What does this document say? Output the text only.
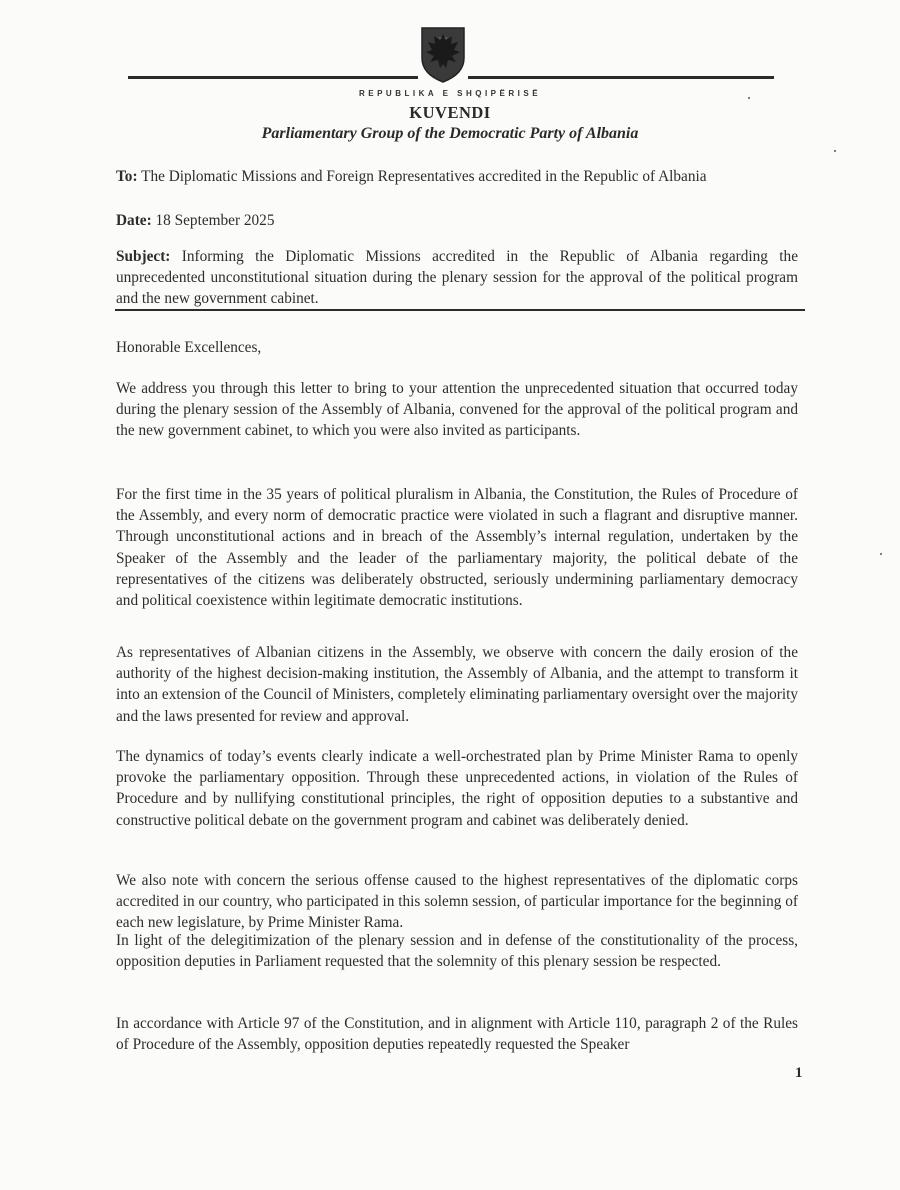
REPUBLIKA E SHQIPËRISË
KUVENDI
Parliamentary Group of the Democratic Party of Albania
To: The Diplomatic Missions and Foreign Representatives accredited in the Republic of Albania
Date: 18 September 2025
Subject: Informing the Diplomatic Missions accredited in the Republic of Albania regarding the unprecedented unconstitutional situation during the plenary session for the approval of the political program and the new government cabinet.
Honorable Excellences,
We address you through this letter to bring to your attention the unprecedented situation that occurred today during the plenary session of the Assembly of Albania, convened for the approval of the political program and the new government cabinet, to which you were also invited as participants.
For the first time in the 35 years of political pluralism in Albania, the Constitution, the Rules of Procedure of the Assembly, and every norm of democratic practice were violated in such a flagrant and disruptive manner. Through unconstitutional actions and in breach of the Assembly’s internal regulation, undertaken by the Speaker of the Assembly and the leader of the parliamentary majority, the political debate of the representatives of the citizens was deliberately obstructed, seriously undermining parliamentary democracy and political coexistence within legitimate democratic institutions.
As representatives of Albanian citizens in the Assembly, we observe with concern the daily erosion of the authority of the highest decision-making institution, the Assembly of Albania, and the attempt to transform it into an extension of the Council of Ministers, completely eliminating parliamentary oversight over the majority and the laws presented for review and approval.
The dynamics of today’s events clearly indicate a well-orchestrated plan by Prime Minister Rama to openly provoke the parliamentary opposition. Through these unprecedented actions, in violation of the Rules of Procedure and by nullifying constitutional principles, the right of opposition deputies to a substantive and constructive political debate on the government program and cabinet was deliberately denied.
We also note with concern the serious offense caused to the highest representatives of the diplomatic corps accredited in our country, who participated in this solemn session, of particular importance for the beginning of each new legislature, by Prime Minister Rama.
In light of the delegitimization of the plenary session and in defense of the constitutionality of the process, opposition deputies in Parliament requested that the solemnity of this plenary session be respected.
In accordance with Article 97 of the Constitution, and in alignment with Article 110, paragraph 2 of the Rules of Procedure of the Assembly, opposition deputies repeatedly requested the Speaker
1
